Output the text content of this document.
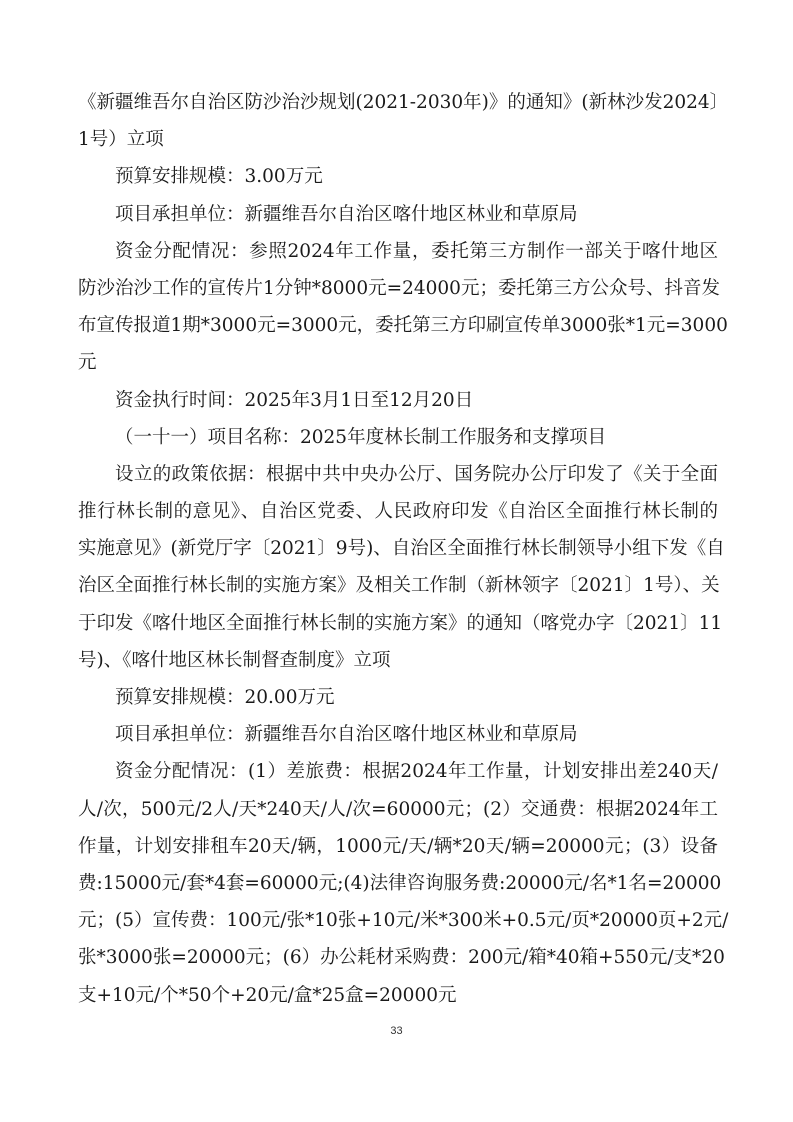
《新疆维吾尔自治区防沙治沙规划(2021-2030年)》的通知》(新林沙发2024〕
1号）立项
预算安排规模：3.00万元
项目承担单位：新疆维吾尔自治区喀什地区林业和草原局
资金分配情况：参照2024年工作量，委托第三方制作一部关于喀什地区
防沙治沙工作的宣传片1分钟*8000元=24000元；委托第三方公众号、抖音发
布宣传报道1期*3000元=3000元，委托第三方印刷宣传单3000张*1元=3000
元
资金执行时间：2025年3月1日至12月20日
（一十一）项目名称：2025年度林长制工作服务和支撑项目
设立的政策依据：根据中共中央办公厅、国务院办公厅印发了《关于全面
推行林长制的意见》、自治区党委、人民政府印发《自治区全面推行林长制的
实施意见》(新党厅字〔2021〕9号)、自治区全面推行林长制领导小组下发《自
治区全面推行林长制的实施方案》及相关工作制（新林领字〔2021〕1号）、关
于印发《喀什地区全面推行林长制的实施方案》的通知（喀党办字〔2021〕11
号)、《喀什地区林长制督查制度》立项
预算安排规模：20.00万元
项目承担单位：新疆维吾尔自治区喀什地区林业和草原局
资金分配情况：(1）差旅费：根据2024年工作量，计划安排出差240天/
人/次，500元/2人/天*240天/人/次=60000元；(2）交通费：根据2024年工
作量，计划安排租车20天/辆，1000元/天/辆*20天/辆=20000元；(3）设备
费:15000元/套*4套=60000元;(4)法律咨询服务费:20000元/名*1名=20000
元；(5）宣传费：100元/张*10张+10元/米*300米+0.5元/页*20000页+2元/
张*3000张=20000元；(6）办公耗材采购费：200元/箱*40箱+550元/支*20
支+10元/个*50个+20元/盒*25盒=20000元
33
